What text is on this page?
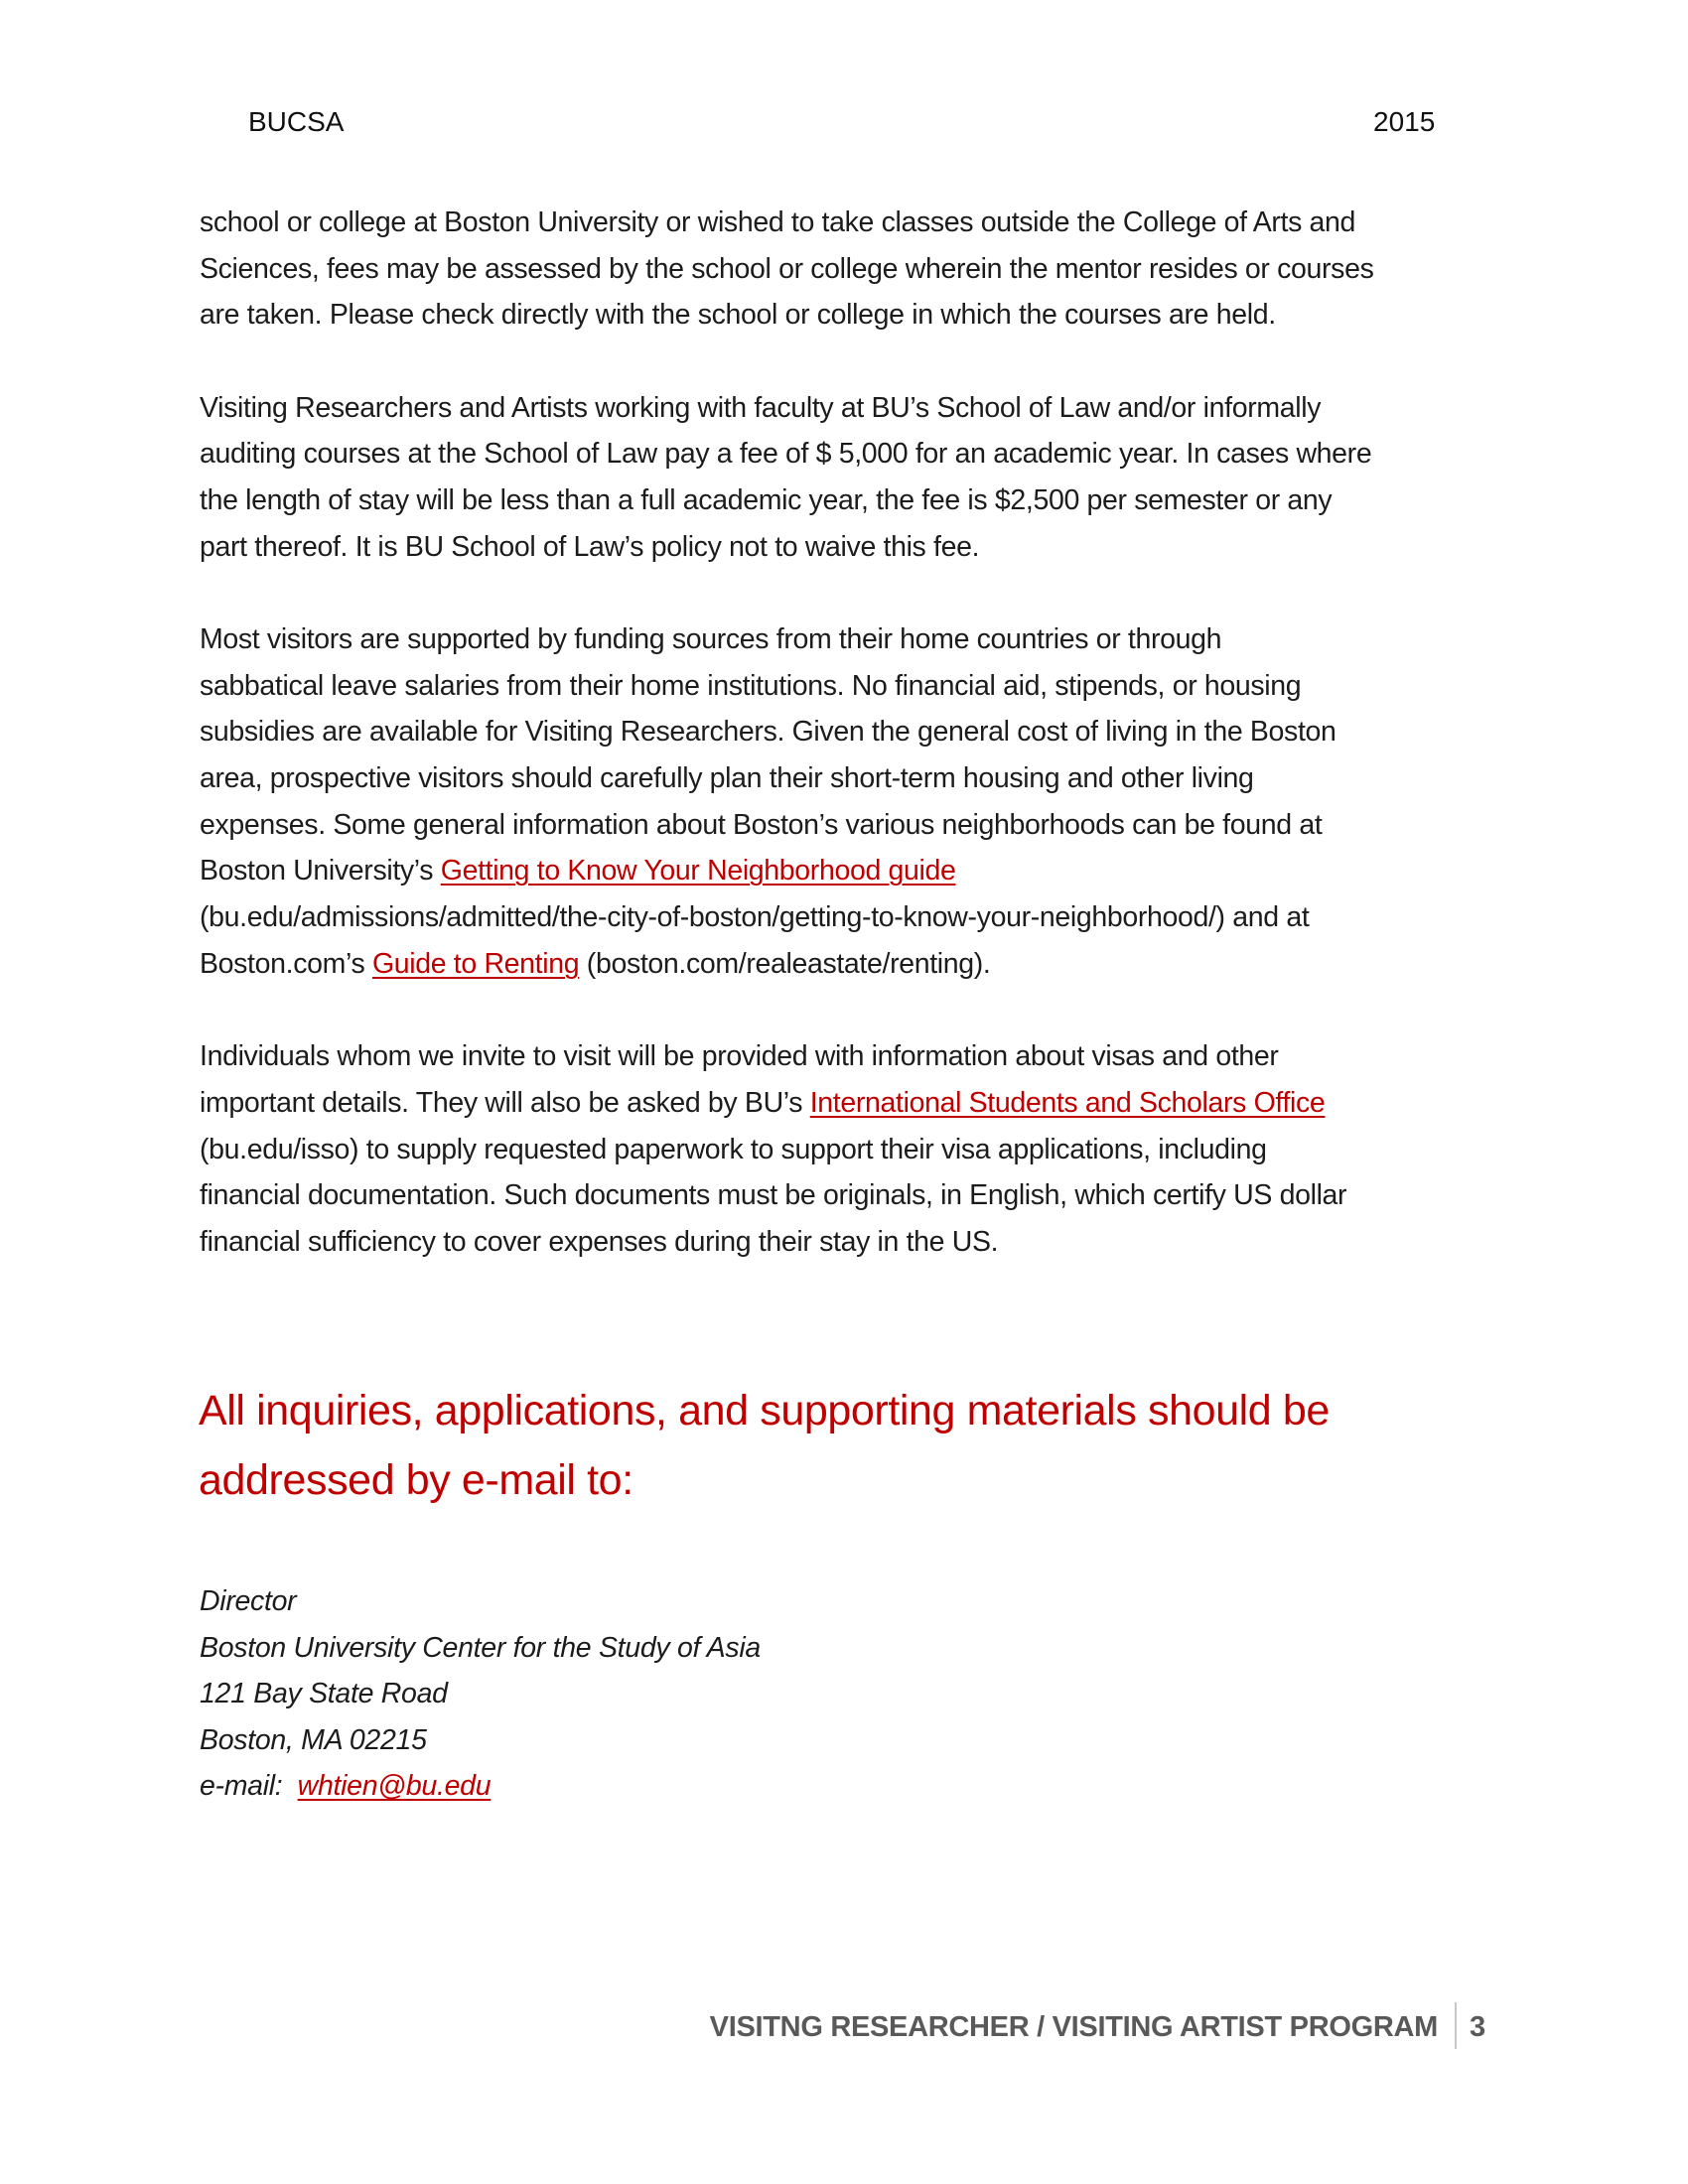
BUCSA	2015
school or college at Boston University or wished to take classes outside the College of Arts and
Sciences, fees may be assessed by the school or college wherein the mentor resides or courses
are taken. Please check directly with the school or college in which the courses are held.
Visiting Researchers and Artists working with faculty at BU’s School of Law and/or informally
auditing courses at the School of Law pay a fee of $ 5,000 for an academic year. In cases where
the length of stay will be less than a full academic year, the fee is $2,500 per semester or any
part thereof. It is BU School of Law’s policy not to waive this fee.
Most visitors are supported by funding sources from their home countries or through
sabbatical leave salaries from their home institutions. No financial aid, stipends, or housing
subsidies are available for Visiting Researchers. Given the general cost of living in the Boston
area, prospective visitors should carefully plan their short-term housing and other living
expenses. Some general information about Boston’s various neighborhoods can be found at
Boston University’s Getting to Know Your Neighborhood guide
(bu.edu/admissions/admitted/the-city-of-boston/getting-to-know-your-neighborhood/) and at
Boston.com’s Guide to Renting (boston.com/realeastate/renting).
Individuals whom we invite to visit will be provided with information about visas and other
important details. They will also be asked by BU’s International Students and Scholars Office
(bu.edu/isso) to supply requested paperwork to support their visa applications, including
financial documentation. Such documents must be originals, in English, which certify US dollar
financial sufficiency to cover expenses during their stay in the US.
All inquiries, applications, and supporting materials should be
addressed by e-mail to:
Director
Boston University Center for the Study of Asia
121 Bay State Road
Boston, MA 02215
e-mail:  whtien@bu.edu
VISITNG RESEARCHER / VISITING ARTIST PROGRAM 3
